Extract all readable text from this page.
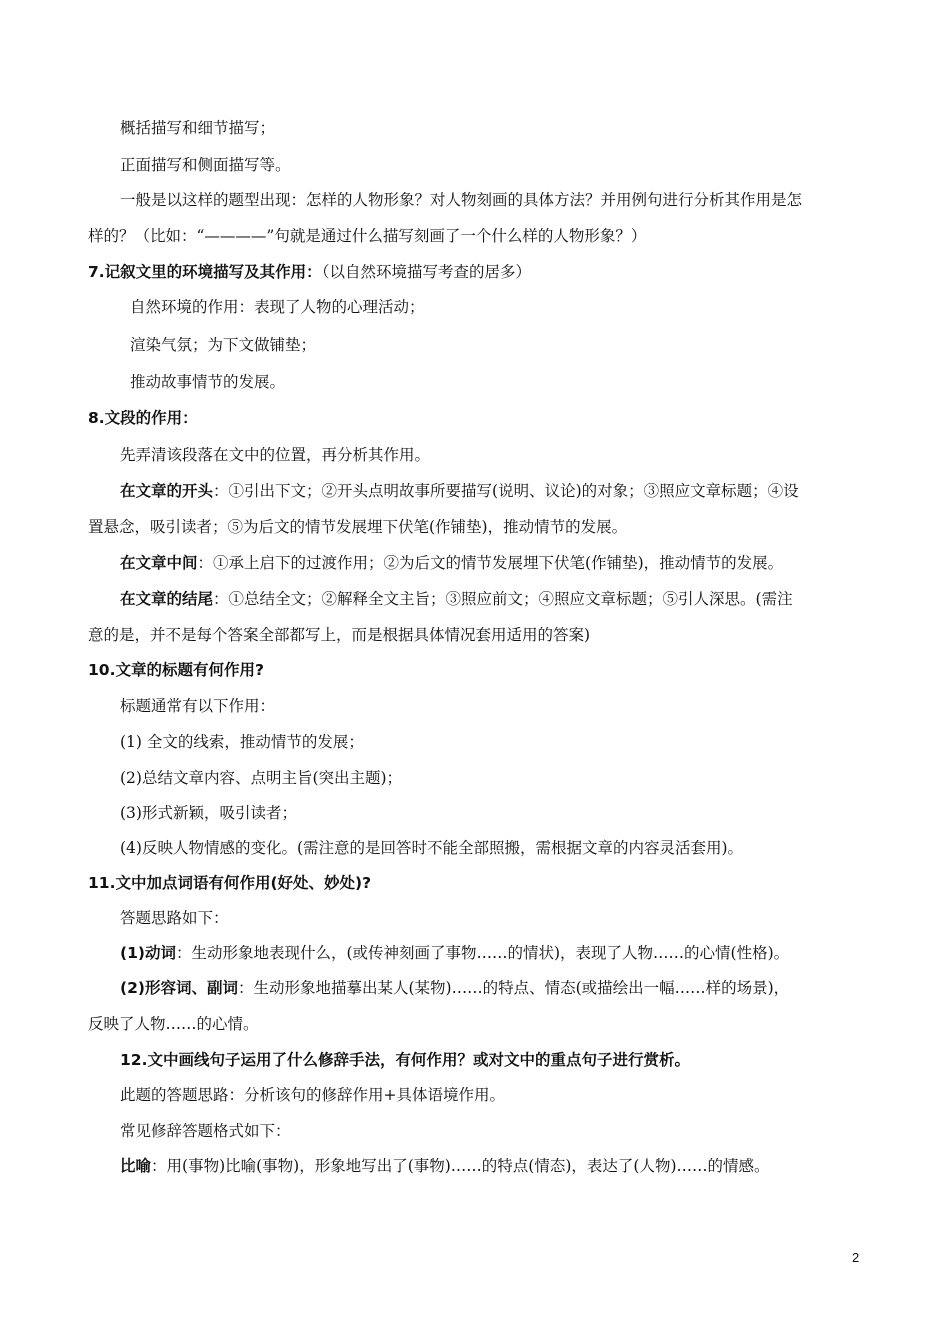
概括描写和细节描写；
正面描写和侧面描写等。
一般是以这样的题型出现：怎样的人物形象？对人物刻画的具体方法？并用例句进行分析其作用是怎
样的？（比如：“————”句就是通过什么描写刻画了一个什么样的人物形象？）
7.记叙文里的环境描写及其作用：（以自然环境描写考查的居多）
自然环境的作用：表现了人物的心理活动；
渲染气氛；为下文做铺垫；
推动故事情节的发展。
8.文段的作用：
先弄清该段落在文中的位置，再分析其作用。
在文章的开头：①引出下文；②开头点明故事所要描写(说明、议论)的对象；③照应文章标题；④设
置悬念，吸引读者；⑤为后文的情节发展埋下伏笔(作铺垫)，推动情节的发展。
在文章中间：①承上启下的过渡作用；②为后文的情节发展埋下伏笔(作铺垫)，推动情节的发展。
在文章的结尾：①总结全文；②解释全文主旨；③照应前文；④照应文章标题；⑤引人深思。(需注
意的是，并不是每个答案全部都写上，而是根据具体情况套用适用的答案)
10.文章的标题有何作用?
标题通常有以下作用：
(1) 全文的线索，推动情节的发展；
(2)总结文章内容、点明主旨(突出主题)；
(3)形式新颖，吸引读者；
(4)反映人物情感的变化。(需注意的是回答时不能全部照搬，需根据文章的内容灵活套用)。
11.文中加点词语有何作用(好处、妙处)?
答题思路如下：
(1)动词：生动形象地表现什么，(或传神刻画了事物……的情状)，表现了人物……的心情(性格)。
(2)形容词、副词：生动形象地描摹出某人(某物)……的特点、情态(或描绘出一幅……样的场景)，
反映了人物……的心情。
12.文中画线句子运用了什么修辞手法，有何作用？或对文中的重点句子进行赏析。
此题的答题思路：分析该句的修辞作用+具体语境作用。
常见修辞答题格式如下：
比喻：用(事物)比喻(事物)，形象地写出了(事物)……的特点(情态)，表达了(人物)……的情感。
2
